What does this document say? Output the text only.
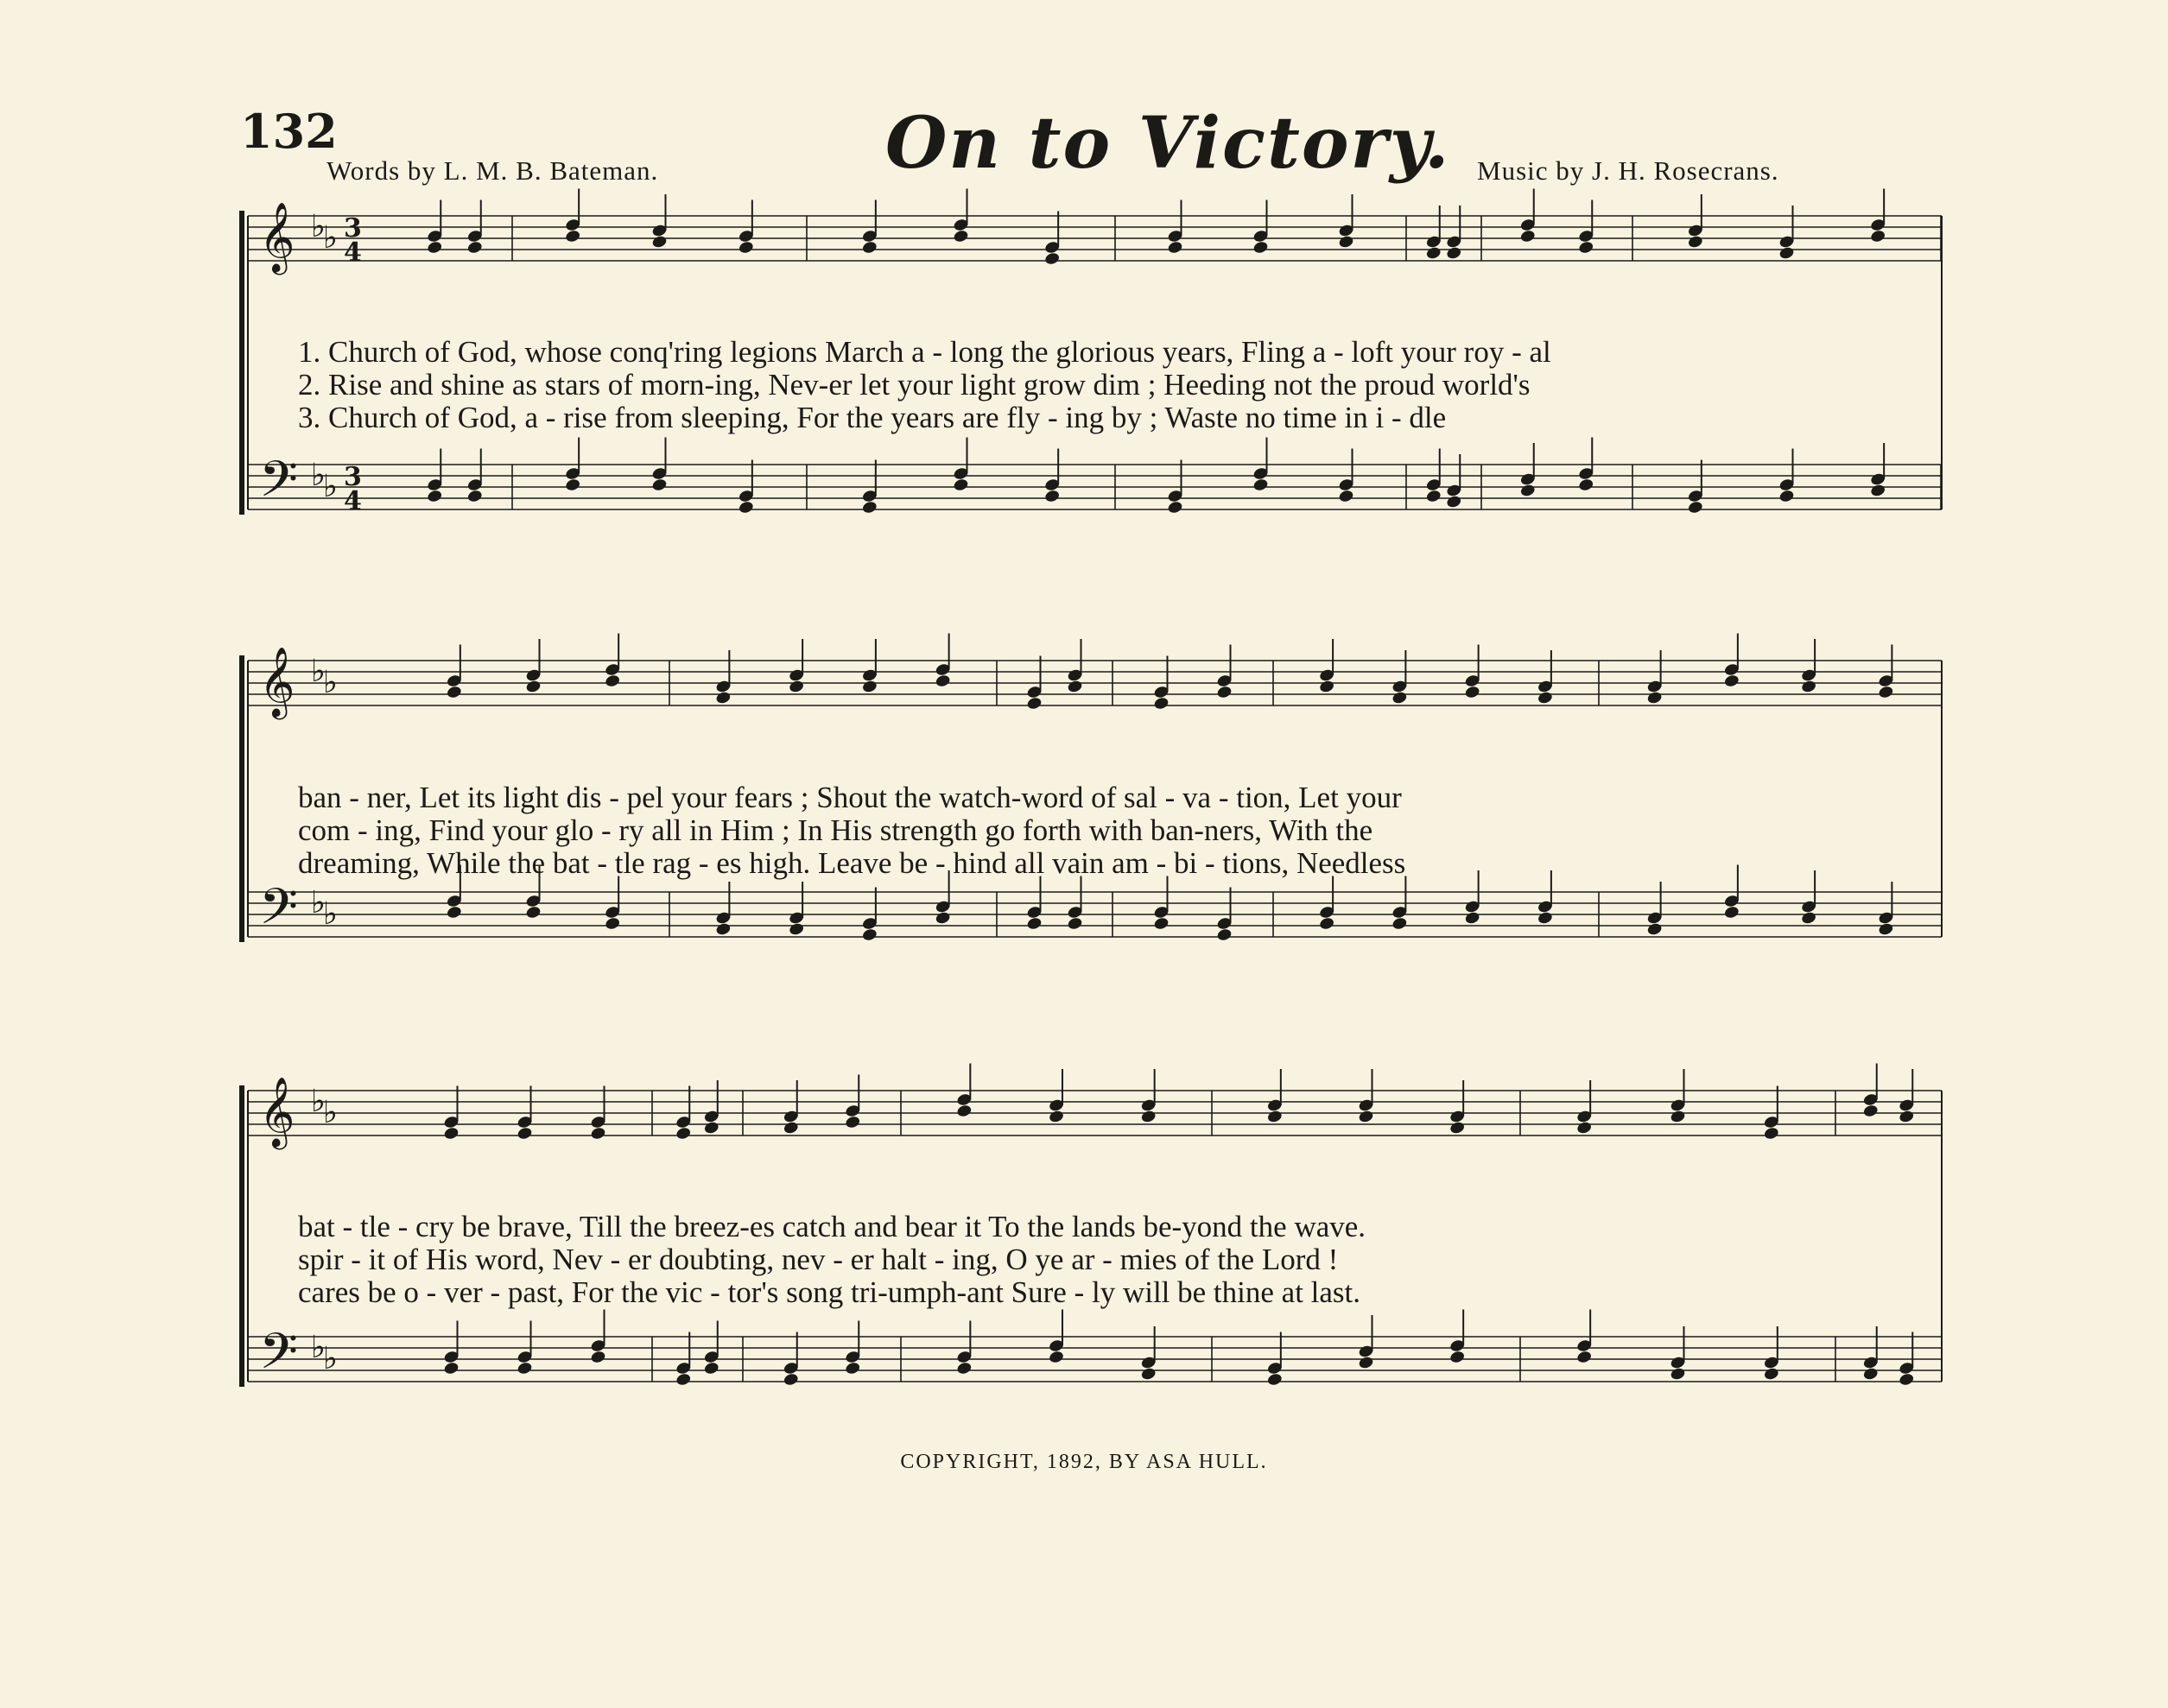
𝄞 ♭
♭ 3
4
𝄢 ♭
♭ 3
4
𝄞 ♭
♭
𝄢 ♭
♭
𝄞 ♭
♭
𝄢 ♭
♭
132	On to Victory.
Words by L. M. B. Bateman.	Music by J. H. Rosecrans.
1. Church of God, whose conq'ring legions March a - long the glorious years, Fling a - loft your roy - al
2. Rise and shine as stars of morn-ing, Nev-er let your light grow dim ; Heeding not the proud world's
3. Church of God, a - rise from sleeping, For the years are fly - ing by ; Waste no time in i - dle
ban - ner, Let its light dis - pel your fears ; Shout the watch-word of sal - va - tion, Let your
com - ing, Find your glo - ry all in Him ; In His strength go forth with ban-ners, With the
dreaming, While the bat - tle rag - es high. Leave be - hind all vain am - bi - tions, Needless
bat - tle - cry be brave, Till the breez-es catch and bear it To the lands be-yond the wave.
spir - it of His word, Nev - er doubting, nev - er halt - ing, O ye ar - mies of the Lord !
cares be o - ver - past, For the vic - tor's song tri-umph-ant Sure - ly will be thine at last.
COPYRIGHT, 1892, BY ASA HULL.
